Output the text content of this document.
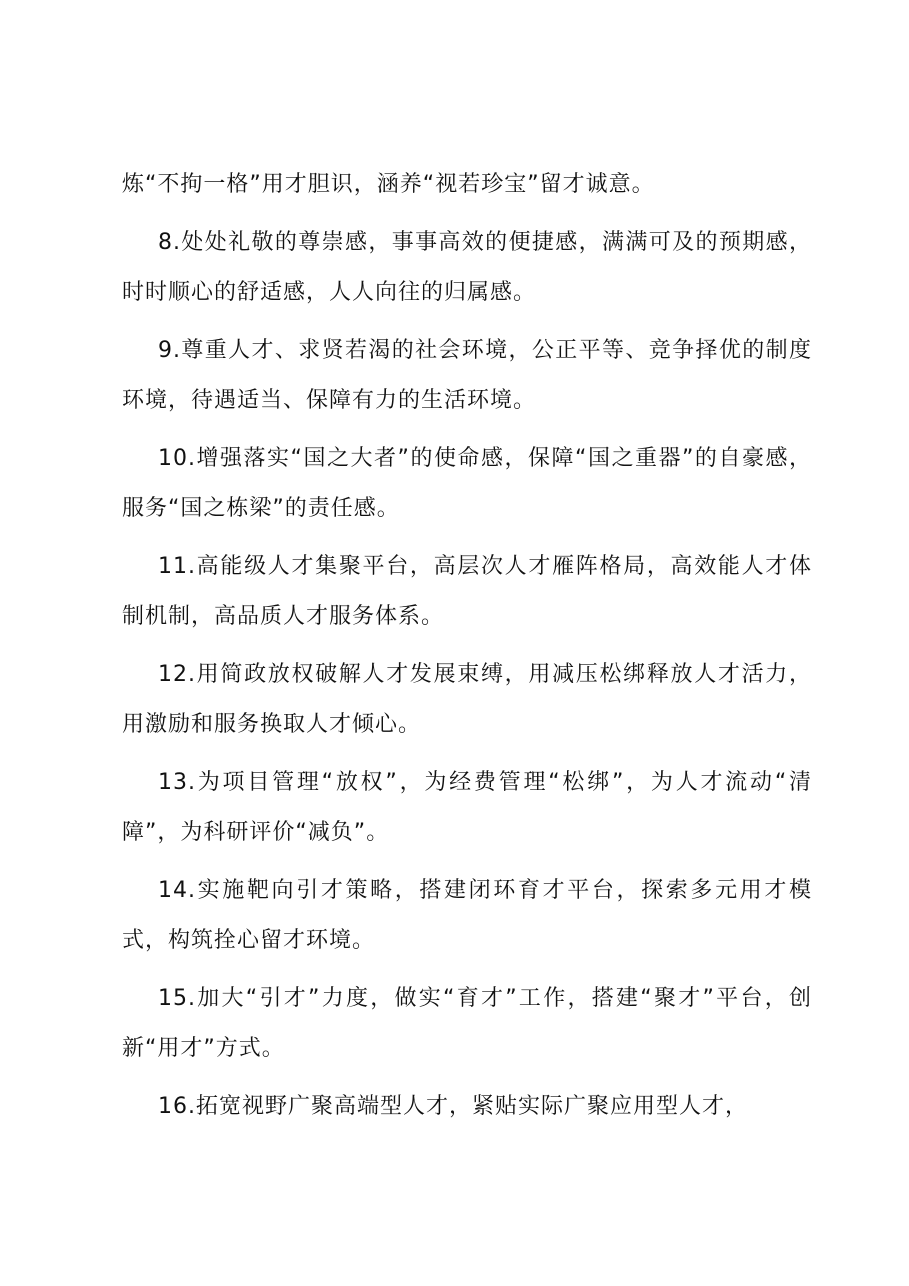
炼“不拘一格”用才胆识，涵养“视若珍宝”留才诚意。

8.处处礼敬的尊崇感，事事高效的便捷感，满满可及的预期感，时时顺心的舒适感，人人向往的归属感。

9.尊重人才、求贤若渴的社会环境，公正平等、竞争择优的制度环境，待遇适当、保障有力的生活环境。

10.增强落实“国之大者”的使命感，保障“国之重器”的自豪感，服务“国之栋梁”的责任感。

11.高能级人才集聚平台，高层次人才雁阵格局，高效能人才体制机制，高品质人才服务体系。

12.用简政放权破解人才发展束缚，用减压松绑释放人才活力，用激励和服务换取人才倾心。

13.为项目管理“放权”，为经费管理“松绑”，为人才流动“清障”，为科研评价“减负”。

14.实施靶向引才策略，搭建闭环育才平台，探索多元用才模式，构筑拴心留才环境。

15.加大“引才”力度，做实“育才”工作，搭建“聚才”平台，创新“用才”方式。

16.拓宽视野广聚高端型人才，紧贴实际广聚应用型人才，
